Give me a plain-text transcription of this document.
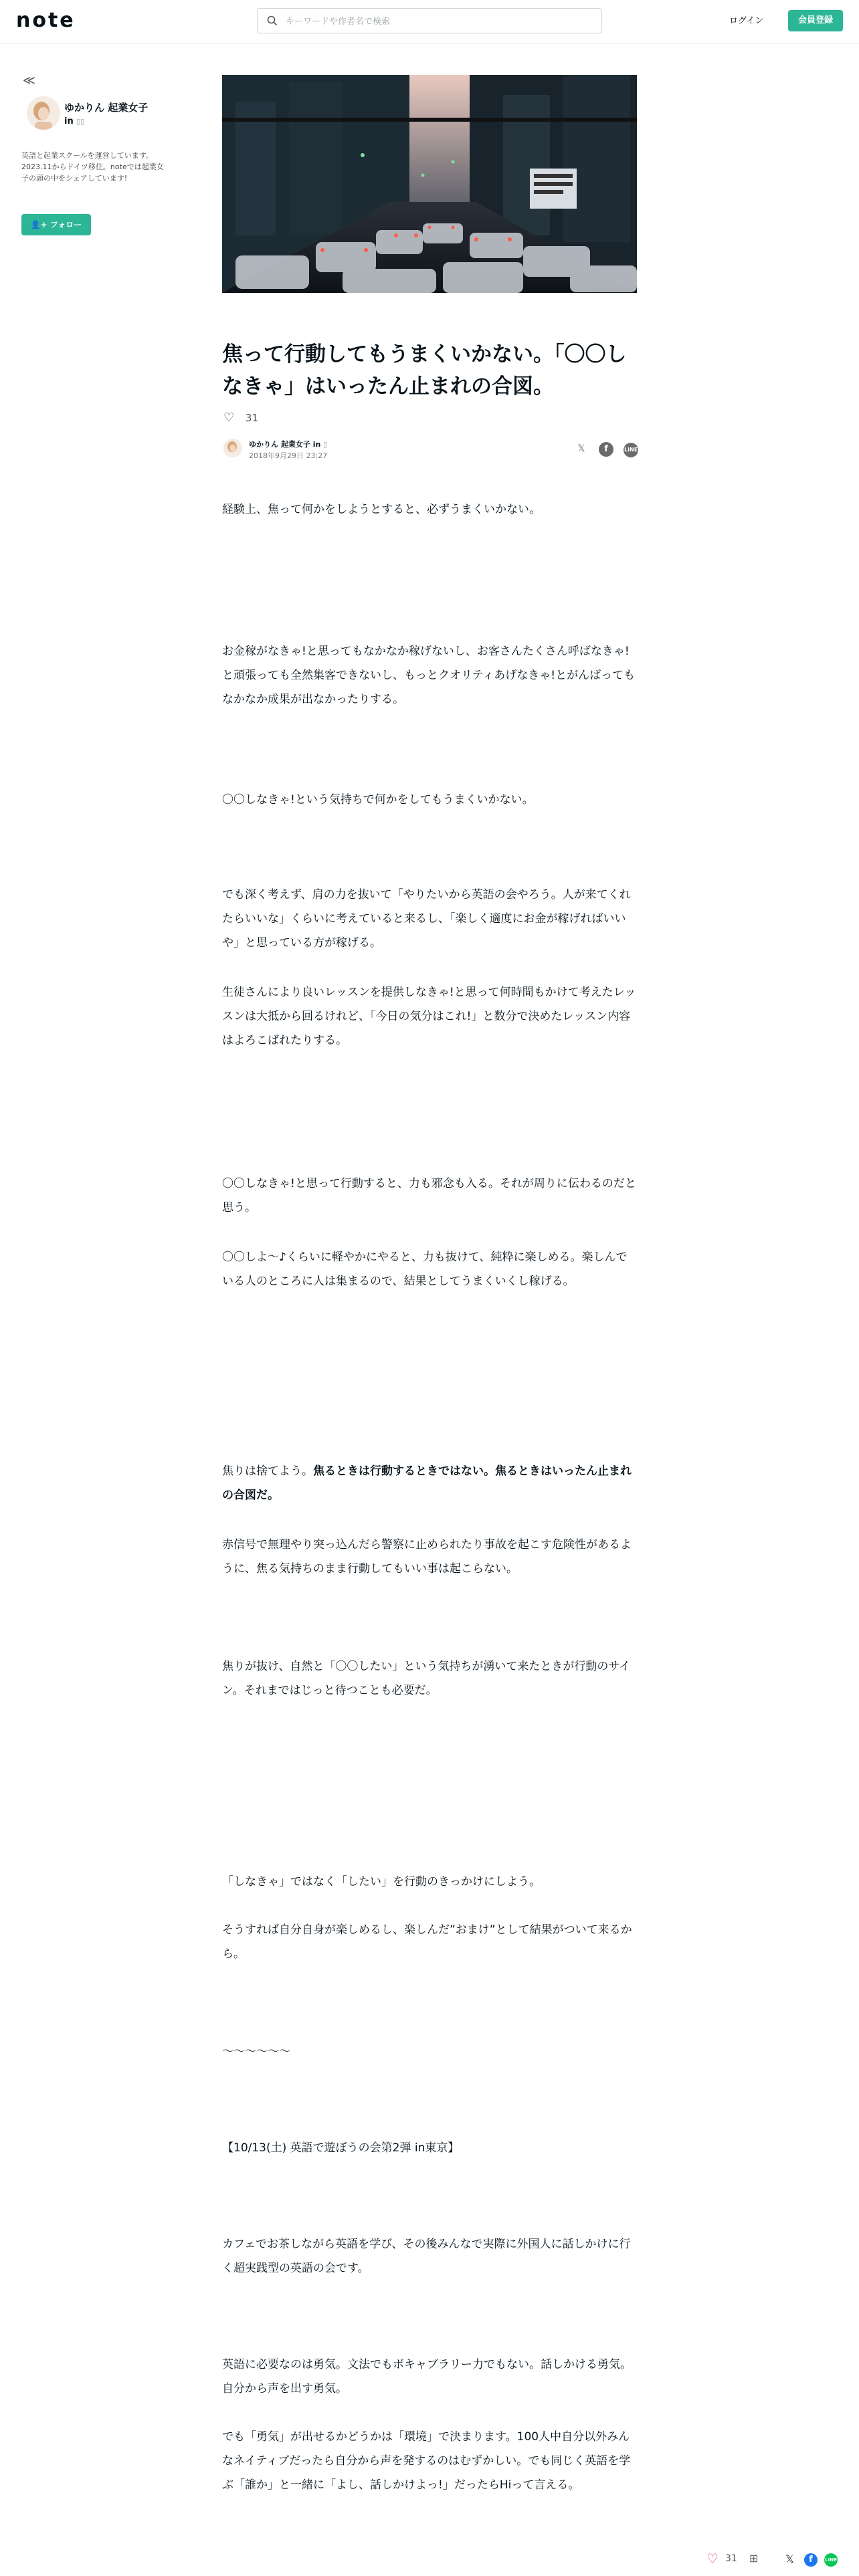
note
キーワードや作者名で検索	ログイン	会員登録
≪
ゆかりん 起業女子
in ▯▯
英語と起業スクールを運営しています。2023.11からドイツ移住。noteでは起業女子の頭の中をシェアしています!
👤+ フォロー
焦って行動してもうまくいかない。「〇〇しなきゃ」はいったん止まれの合図。
♡ 31
ゆかりん 起業女子 in ▯
2018年9月29日 23:27
𝕏 f	LINE

経験上、焦って何かをしようとすると、必ずうまくいかない。

お金稼がなきゃ!と思ってもなかなか稼げないし、お客さんたくさん呼ばなきゃ!と頑張っても全然集客できないし、もっとクオリティあげなきゃ!とがんばってもなかなか成果が出なかったりする。

〇〇しなきゃ!という気持ちで何かをしてもうまくいかない。

でも深く考えず、肩の力を抜いて「やりたいから英語の会やろう。人が来てくれたらいいな」くらいに考えていると来るし、「楽しく適度にお金が稼げればいいや」と思っている方が稼げる。

生徒さんにより良いレッスンを提供しなきゃ!と思って何時間もかけて考えたレッスンは大抵から回るけれど、「今日の気分はこれ!」と数分で決めたレッスン内容はよろこばれたりする。

〇〇しなきゃ!と思って行動すると、力も邪念も入る。それが周りに伝わるのだと思う。

〇〇しよ〜♪くらいに軽やかにやると、力も抜けて、純粋に楽しめる。楽しんでいる人のところに人は集まるので、結果としてうまくいくし稼げる。

焦りは捨てよう。焦るときは行動するときではない。焦るときはいったん止まれの合図だ。

赤信号で無理やり突っ込んだら警察に止められたり事故を起こす危険性があるように、焦る気持ちのまま行動してもいい事は起こらない。

焦りが抜け、自然と「〇〇したい」という気持ちが湧いて来たときが行動のサイン。それまではじっと待つことも必要だ。

「しなきゃ」ではなく「したい」を行動のきっかけにしよう。

そうすれば自分自身が楽しめるし、楽しんだ”おまけ”として結果がついて来るから。

〜〜〜〜〜〜

【10/13(土) 英語で遊ぼうの会第2弾 in東京】

カフェでお茶しながら英語を学び、その後みんなで実際に外国人に話しかけに行く超実践型の英語の会です。

英語に必要なのは勇気。文法でもボキャブラリー力でもない。話しかける勇気。自分から声を出す勇気。

でも「勇気」が出せるかどうかは「環境」で決まります。100人中自分以外みんなネイティブだったら自分から声を発するのはむずかしい。でも同じく英語を学ぶ「誰か」と一緒に「よし、話しかけよっ!」だったらHiって言える。

♡ 31 ⊞	𝕏	f	LINE
